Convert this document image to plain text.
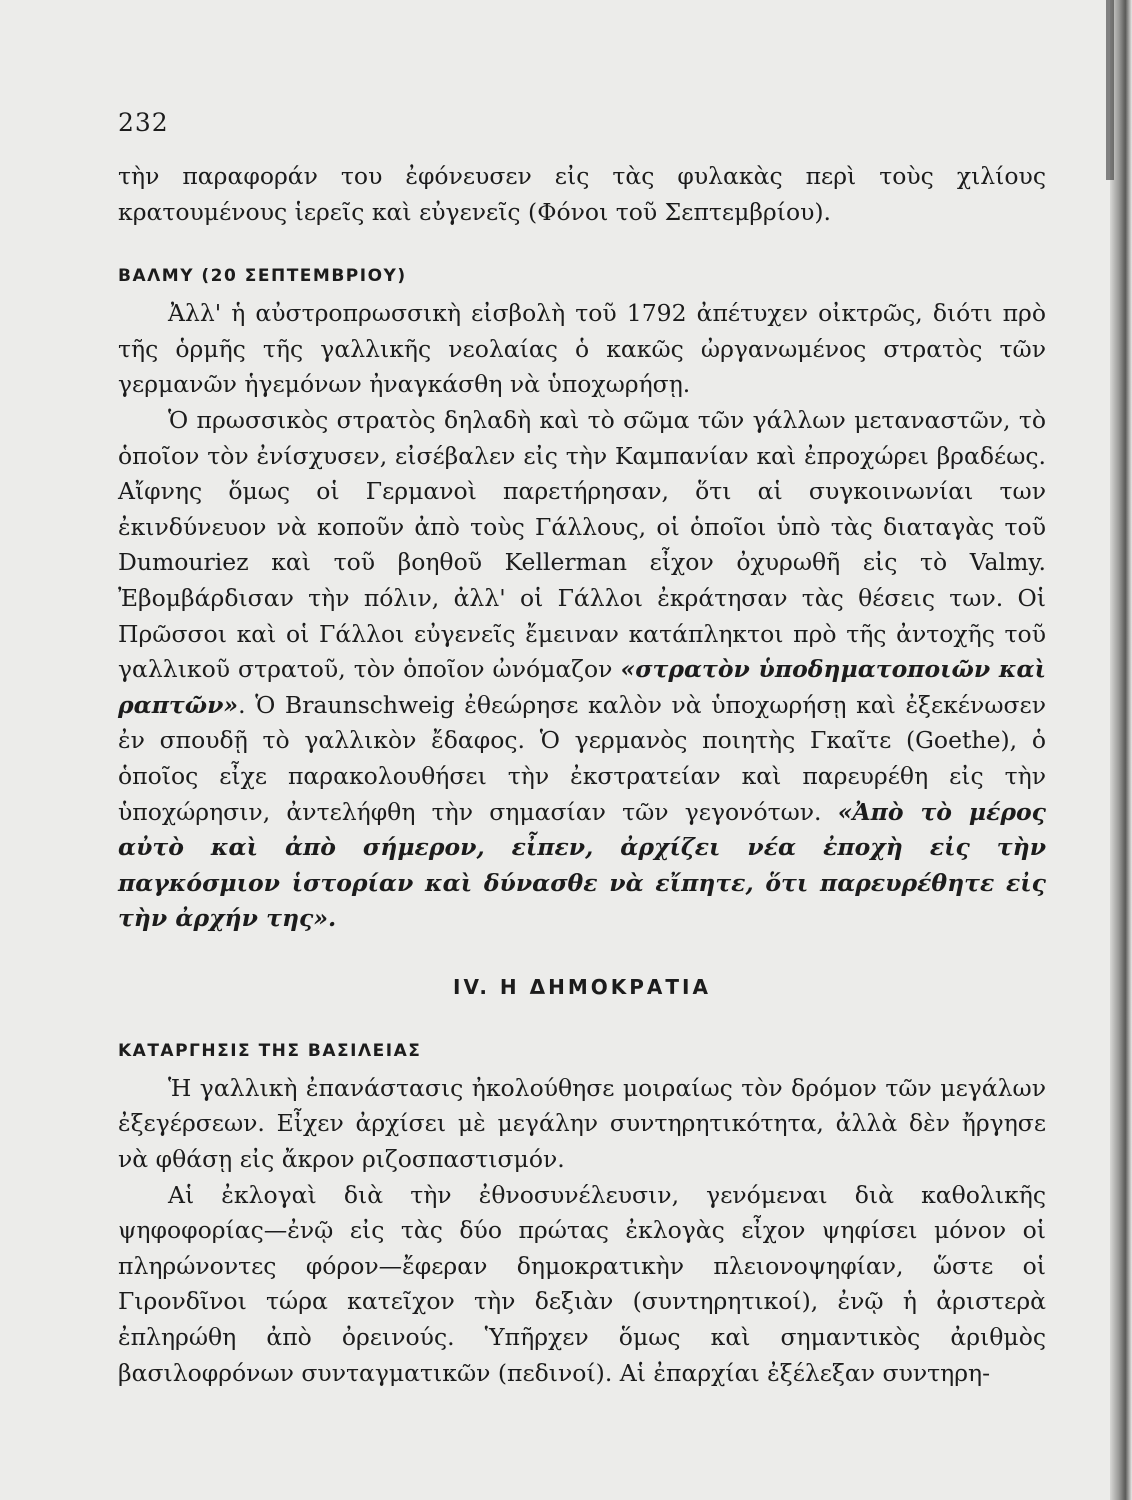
232

τὴν παραφοράν του ἐφόνευσεν εἰς τὰς φυλακὰς περὶ τοὺς χιλίους κρατουμένους ἱερεῖς καὶ εὐγενεῖς (Φόνοι τοῦ Σεπτεμβρίου).

ΒΑΛΜΥ (20 ΣΕΠΤΕΜΒΡΙΟΥ)

Ἀλλ' ἡ αὐστροπρωσσικὴ εἰσβολὴ τοῦ 1792 ἀπέτυχεν οἰκτρῶς, διότι πρὸ τῆς ὁρμῆς τῆς γαλλικῆς νεολαίας ὁ κακῶς ὠργανωμένος στρατὸς τῶν γερμανῶν ἡγεμόνων ἠναγκάσθη νὰ ὑποχωρήσῃ.

Ὁ πρωσσικὸς στρατὸς δηλαδὴ καὶ τὸ σῶμα τῶν γάλλων μεταναστῶν, τὸ ὁποῖον τὸν ἐνίσχυσεν, εἰσέβαλεν εἰς τὴν Καμπανίαν καὶ ἐπροχώρει βραδέως. Αἴφνης ὅμως οἱ Γερμανοὶ παρετήρησαν, ὅτι αἱ συγκοινωνίαι των ἐκινδύνευον νὰ κοποῦν ἀπὸ τοὺς Γάλλους, οἱ ὁποῖοι ὑπὸ τὰς διαταγὰς τοῦ Dumouriez καὶ τοῦ βοηθοῦ Kellerman εἶχον ὀχυρωθῆ εἰς τὸ Valmy. Ἐβομβάρδισαν τὴν πόλιν, ἀλλ' οἱ Γάλλοι ἐκράτησαν τὰς θέσεις των. Οἱ Πρῶσσοι καὶ οἱ Γάλλοι εὐγενεῖς ἔμειναν κατάπληκτοι πρὸ τῆς ἀντοχῆς τοῦ γαλλικοῦ στρατοῦ, τὸν ὁποῖον ὠνόμαζον «στρατὸν ὑποδηματοποιῶν καὶ ραπτῶν». Ὁ Braunschweig ἐθεώρησε καλὸν νὰ ὑποχωρήσῃ καὶ ἐξεκένωσεν ἐν σπουδῇ τὸ γαλλικὸν ἔδαφος. Ὁ γερμανὸς ποιητὴς Γκαῖτε (Goethe), ὁ ὁποῖος εἶχε παρακολουθήσει τὴν ἐκστρατείαν καὶ παρευρέθη εἰς τὴν ὑποχώρησιν, ἀντελήφθη τὴν σημασίαν τῶν γεγονότων. «Ἀπὸ τὸ μέρος αὐτὸ καὶ ἀπὸ σήμερον, εἶπεν, ἀρχίζει νέα ἐποχὴ εἰς τὴν παγκόσμιον ἱστορίαν καὶ δύνασθε νὰ εἴπητε, ὅτι παρευρέθητε εἰς τὴν ἀρχήν της».

IV. Η ΔΗΜΟΚΡΑΤΙΑ
ΚΑΤΑΡΓΗΣΙΣ ΤΗΣ ΒΑΣΙΛΕΙΑΣ

Ἡ γαλλικὴ ἐπανάστασις ἠκολούθησε μοιραίως τὸν δρόμον τῶν μεγάλων ἐξεγέρσεων. Εἶχεν ἀρχίσει μὲ μεγάλην συντηρητικότητα, ἀλλὰ δὲν ἤργησε νὰ φθάσῃ εἰς ἄκρον ριζοσπαστισμόν.

Αἱ ἐκλογαὶ διὰ τὴν ἐθνοσυνέλευσιν, γενόμεναι διὰ καθολικῆς ψηφοφορίας—ἐνῷ εἰς τὰς δύο πρώτας ἐκλογὰς εἶχον ψηφίσει μόνον οἱ πληρώνοντες φόρον—ἔφεραν δημοκρατικὴν πλειονοψηφίαν, ὥστε οἱ Γιρονδῖνοι τώρα κατεῖχον τὴν δεξιὰν (συντηρητικοί), ἐνῷ ἡ ἀριστερὰ ἐπληρώθη ἀπὸ ὀρεινούς. Ὑπῆρχεν ὅμως καὶ σημαντικὸς ἀριθμὸς βασιλοφρόνων συνταγματικῶν (πεδινοί). Αἱ ἐπαρχίαι ἐξέλεξαν συντηρη-
